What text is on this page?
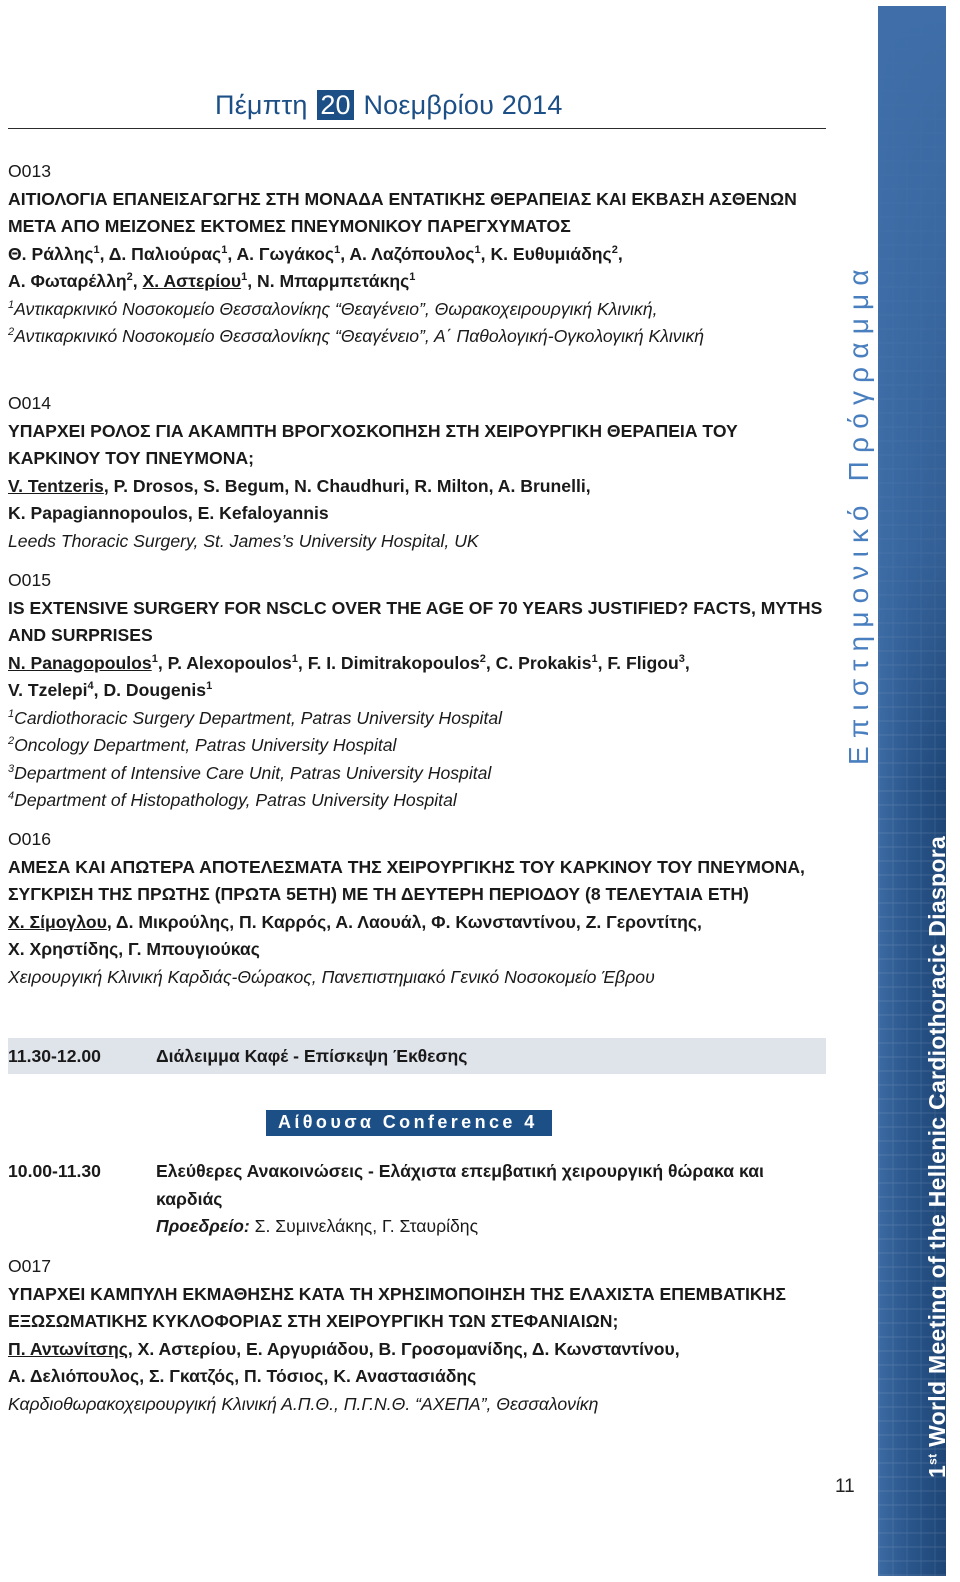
Πέμπτη 20 Νοεμβρίου 2014
O013
ΑΙΤΙΟΛΟΓΙΑ ΕΠΑΝΕΙΣΑΓΩΓΗΣ ΣΤΗ ΜΟΝΑΔΑ ΕΝΤΑΤΙΚΗΣ ΘΕΡΑΠΕΙΑΣ ΚΑΙ ΕΚΒΑΣΗ ΑΣΘΕΝΩΝ ΜΕΤΑ ΑΠΟ ΜΕΙΖΟΝΕΣ ΕΚΤΟΜΕΣ ΠΝΕΥΜΟΝΙΚΟΥ ΠΑΡΕΓΧΥΜΑΤΟΣ
Θ. Ράλλης$^1$, Δ. Παλιούρας$^1$, Α. Γωγάκος$^1$, Α. Λαζόπουλος$^1$, Κ. Ευθυμιάδης$^2$,
Α. Φωταρέλλη$^2$, Χ. Αστερίου$^1$, Ν. Μπαρμπετάκης$^1$
$^1$Αντικαρκινικό Νοσοκομείο Θεσσαλονίκης “Θεαγένειο”, Θωρακοχειρουργική Κλινική,
$^2$Αντικαρκινικό Νοσοκομείο Θεσσαλονίκης “Θεαγένειο”, Α΄ Παθολογική-Ογκολογική Κλινική
O014
ΥΠΑΡΧΕΙ ΡΟΛΟΣ ΓΙΑ ΑΚΑΜΠΤΗ ΒΡΟΓΧΟΣΚΟΠΗΣΗ ΣΤΗ ΧΕΙΡΟΥΡΓΙΚΗ ΘΕΡΑΠΕΙΑ ΤΟΥ ΚΑΡΚΙΝΟΥ ΤΟΥ ΠΝΕΥΜΟΝΑ;
V. Tentzeris, P. Drosos, S. Begum, N. Chaudhuri, R. Milton, A. Brunelli,
K. Papagiannopoulos, E. Kefaloyannis
Leeds Thoracic Surgery, St. James’s University Hospital, UK
O015
IS EXTENSIVE SURGERY FOR NSCLC OVER THE AGE OF 70 YEARS JUSTIFIED? FACTS, MYTHS AND SURPRISES
N. Panagopoulos$^1$, P. Alexopoulos$^1$, F. I. Dimitrakopoulos$^2$, C. Prokakis$^1$, F. Fligou$^3$,
V. Tzelepi$^4$, D. Dougenis$^1$
$^1$Cardiothoracic Surgery Department, Patras University Hospital
$^2$Oncology Department, Patras University Hospital
$^3$Department of Intensive Care Unit, Patras University Hospital
$^4$Department of Histopathology, Patras University Hospital
O016
ΑΜΕΣΑ ΚΑΙ ΑΠΩΤΕΡΑ ΑΠΟΤΕΛΕΣΜΑΤΑ ΤΗΣ ΧΕΙΡΟΥΡΓΙΚΗΣ ΤΟΥ ΚΑΡΚΙΝΟΥ ΤΟΥ ΠΝΕΥΜΟΝΑ, ΣΥΓΚΡΙΣΗ ΤΗΣ ΠΡΩΤΗΣ (ΠΡΩΤΑ 5ΕΤΗ) ΜΕ ΤΗ ΔΕΥΤΕΡΗ ΠΕΡΙΟΔΟΥ (8 ΤΕΛΕΥΤΑΙΑ ΕΤΗ)
Χ. Σίμογλου, Δ. Μικρούλης, Π. Καρρός, Α. Λαουάλ, Φ. Κωνσταντίνου, Ζ. Γεροντίτης,
Χ. Χρηστίδης, Γ. Μπουγιούκας
Χειρουργική Κλινική Καρδιάς-Θώρακος, Πανεπιστημιακό Γενικό Νοσοκομείο Έβρου
11.30-12.00	Διάλειμμα Καφέ - Επίσκεψη Έκθεσης
Αίθουσα Conference 4
10.00-11.30	Ελεύθερες Ανακοινώσεις - Ελάχιστα επεμβατική χειρουργική θώρακα και καρδιάς
Προεδρείο: Σ. Συμινελάκης, Γ. Σταυρίδης
O017
ΥΠΑΡΧΕΙ ΚΑΜΠΥΛΗ ΕΚΜΑΘΗΣΗΣ ΚΑΤΑ ΤΗ ΧΡΗΣΙΜΟΠΟΙΗΣΗ ΤΗΣ ΕΛΑΧΙΣΤΑ ΕΠΕΜΒΑΤΙΚΗΣ ΕΞΩΣΩΜΑΤΙΚΗΣ ΚΥΚΛΟΦΟΡΙΑΣ ΣΤΗ ΧΕΙΡΟΥΡΓΙΚΗ ΤΩΝ ΣΤΕΦΑΝΙΑΙΩΝ;
Π. Αντωνίτσης, Χ. Αστερίου, Ε. Αργυριάδου, Β. Γροσομανίδης, Δ. Κωνσταντίνου,
Α. Δελιόπουλος, Σ. Γκατζός, Π. Τόσιος, Κ. Αναστασιάδης
Καρδιοθωρακοχειρουργική Κλινική Α.Π.Θ., Π.Γ.Ν.Θ. “ΑΧΕΠΑ”, Θεσσαλονίκη
Επιστημονικό Πρόγραμμα
1st World Meeting of the Hellenic Cardiothoracic Diaspora
11
